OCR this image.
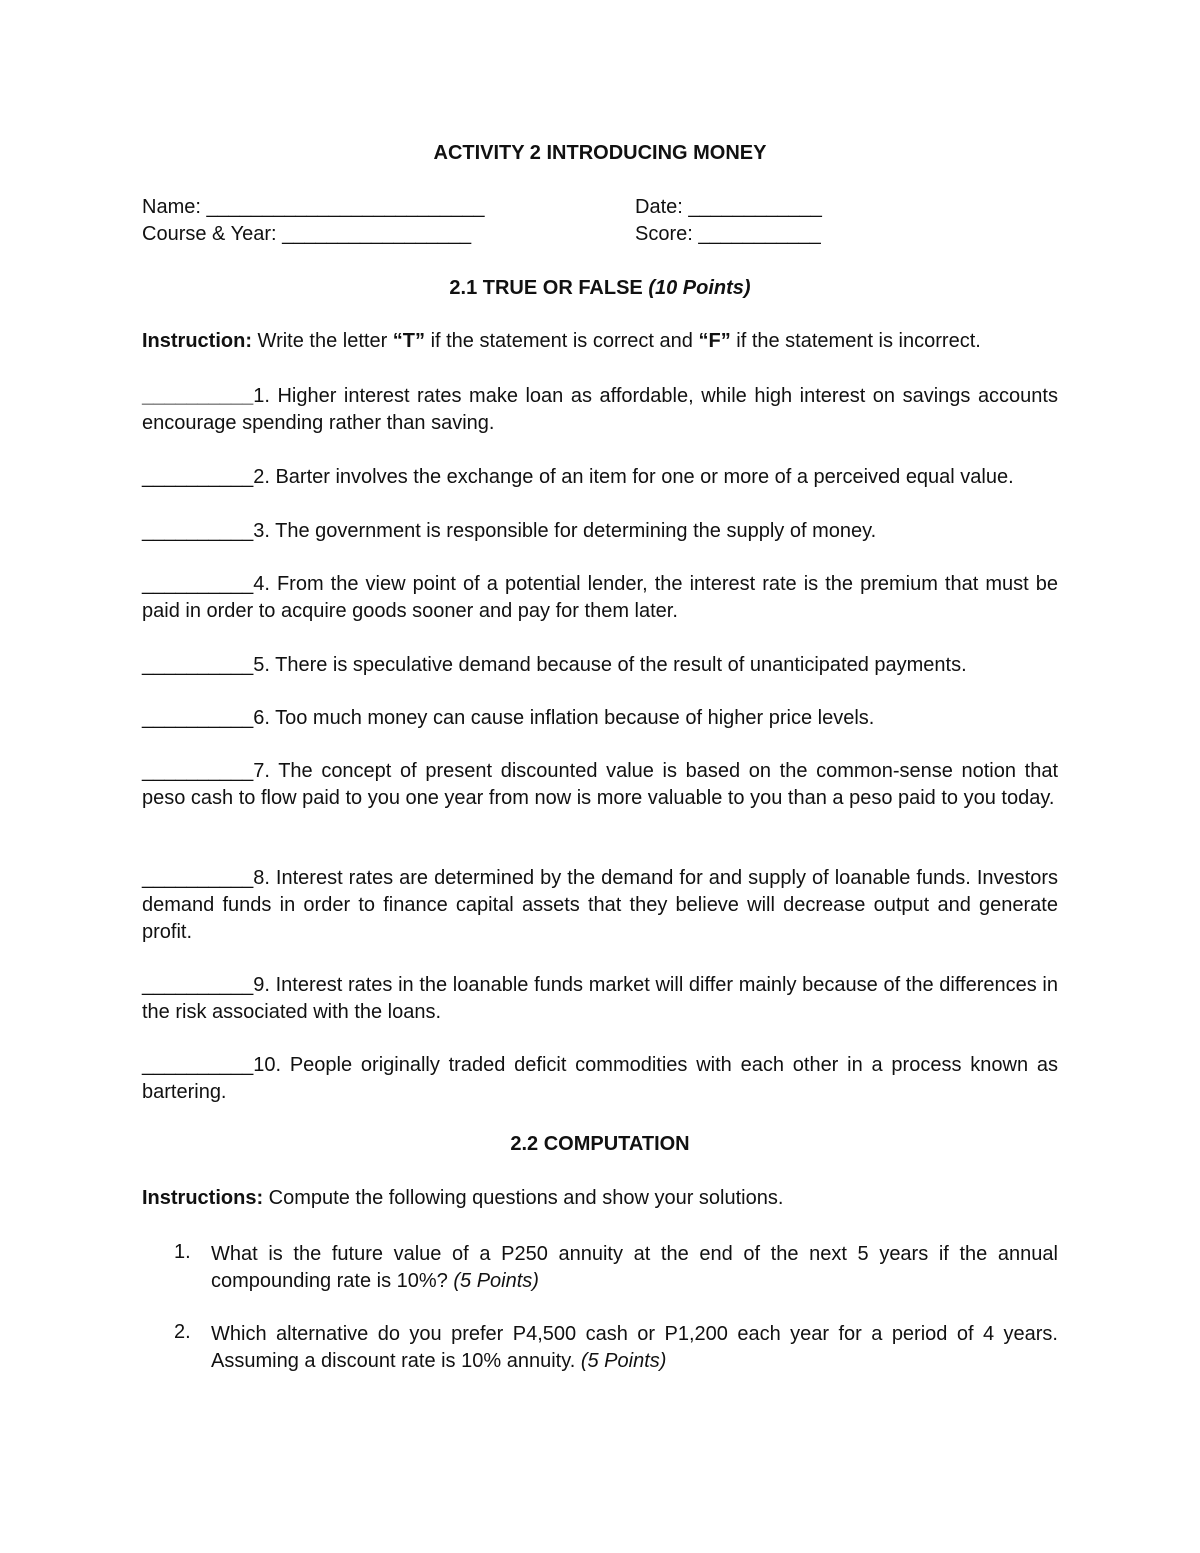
ACTIVITY 2 INTRODUCING MONEY
Name: _________________________	Date: ____________
Course & Year: _________________	Score: ___________
2.1 TRUE OR FALSE (10 Points)
Instruction: Write the letter “T” if the statement is correct and “F” if the statement is incorrect.
__________1. Higher interest rates make loan as affordable, while high interest on savings accounts encourage spending rather than saving.
__________2. Barter involves the exchange of an item for one or more of a perceived equal value.
__________3. The government is responsible for determining the supply of money.
__________4. From the view point of a potential lender, the interest rate is the premium that must be paid in order to acquire goods sooner and pay for them later.
__________5. There is speculative demand because of the result of unanticipated payments.
__________6. Too much money can cause inflation because of higher price levels.
__________7. The concept of present discounted value is based on the common-sense notion that peso cash to flow paid to you one year from now is more valuable to you than a peso paid to you today.
__________8. Interest rates are determined by the demand for and supply of loanable funds. Investors demand funds in order to finance capital assets that they believe will decrease output and generate profit.
__________9. Interest rates in the loanable funds market will differ mainly because of the differences in the risk associated with the loans.
__________10. People originally traded deficit commodities with each other in a process known as bartering.
2.2 COMPUTATION
Instructions: Compute the following questions and show your solutions.
1. What is the future value of a P250 annuity at the end of the next 5 years if the annual compounding rate is 10%? (5 Points)
2. Which alternative do you prefer P4,500 cash or P1,200 each year for a period of 4 years. Assuming a discount rate is 10% annuity. (5 Points)
